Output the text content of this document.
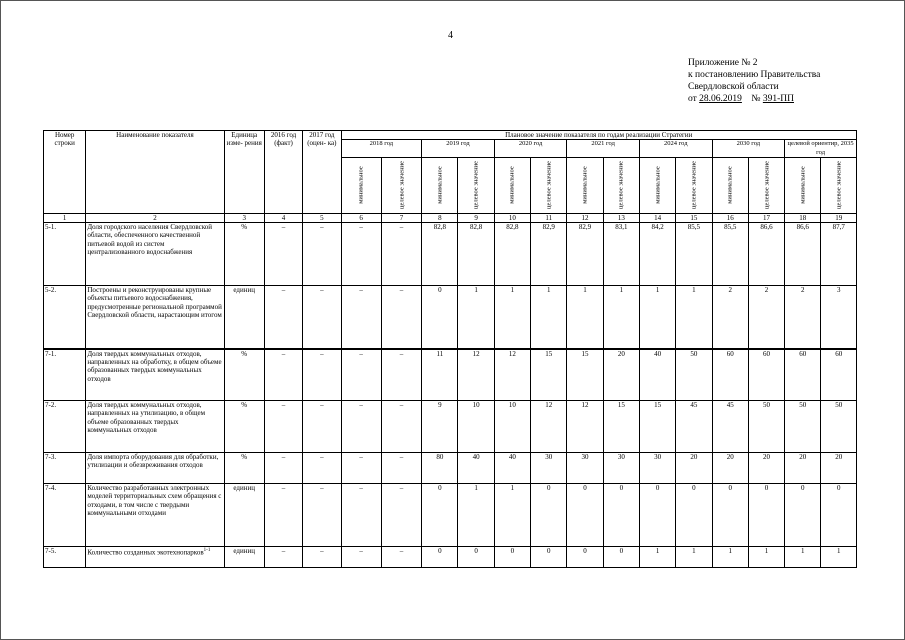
4
Приложение № 2
к постановлению Правительства
Свердловской области
от 28.06.2019 № 391-ПП
Номер строки	Наименование показателя	Единица изме- рения	2016 год (факт)	2017 год (оцен- ка)	Плановое значение показателя по годам реализации Стратегии													
					2018 год		2019 год		2020 год		2021 год		2024 год		2030 год		целевой ориентир, 2035 год	

					минимальное	целевое значение	минимальное	целевое значение	минимальное	целевое значение	минимальное	целевое значение	минимальное	целевое значение	минимальное	целевое значение	минимальное	целевое значение

1	2	3	4	5	6	7	8	9	10	11	12	13	14	15	16	17	18	19
5-1.	Доля городского населения Свердловской области, обеспеченного качественной питьевой водой из систем централизованного водоснабжения	%	–	–	–	–	82,8	82,8	82,8	82,9	82,9	83,1	84,2	85,5	85,5	86,6	86,6	87,7
5-2.	Построены и реконструированы крупные объекты питьевого водоснабжения, предусмотренные региональной программой Свердловской области, нарастающим итогом	единиц	–	–	–	–	0	1	1	1	1	1	1	1	2	2	2	3
7-1.	Доля твердых коммунальных отходов, направленных на обработку, в общем объеме образованных твердых коммунальных отходов	%	–	–	–	–	11	12	12	15	15	20	40	50	60	60	60	60
7-2.	Доля твердых коммунальных отходов, направленных на утилизацию, в общем объеме образованных твердых коммунальных отходов	%	–	–	–	–	9	10	10	12	12	15	15	45	45	50	50	50
7-3.	Доля импорта оборудования для обработки, утилизации и обезвреживания отходов	%	–	–	–	–	80	40	40	30	30	30	30	20	20	20	20	20
7-4.	Количество разработанных электронных моделей территориальных схем обращения с отходами, в том числе с твердыми коммунальными отходами	единиц	–	–	–	–	0	1	1	0	0	0	0	0	0	0	0	0
7-5.	Количество созданных экотехнопарков$^{1-1}$	единиц	–	–	–	–	0	0	0	0	0	0	1	1	1	1	1	1
